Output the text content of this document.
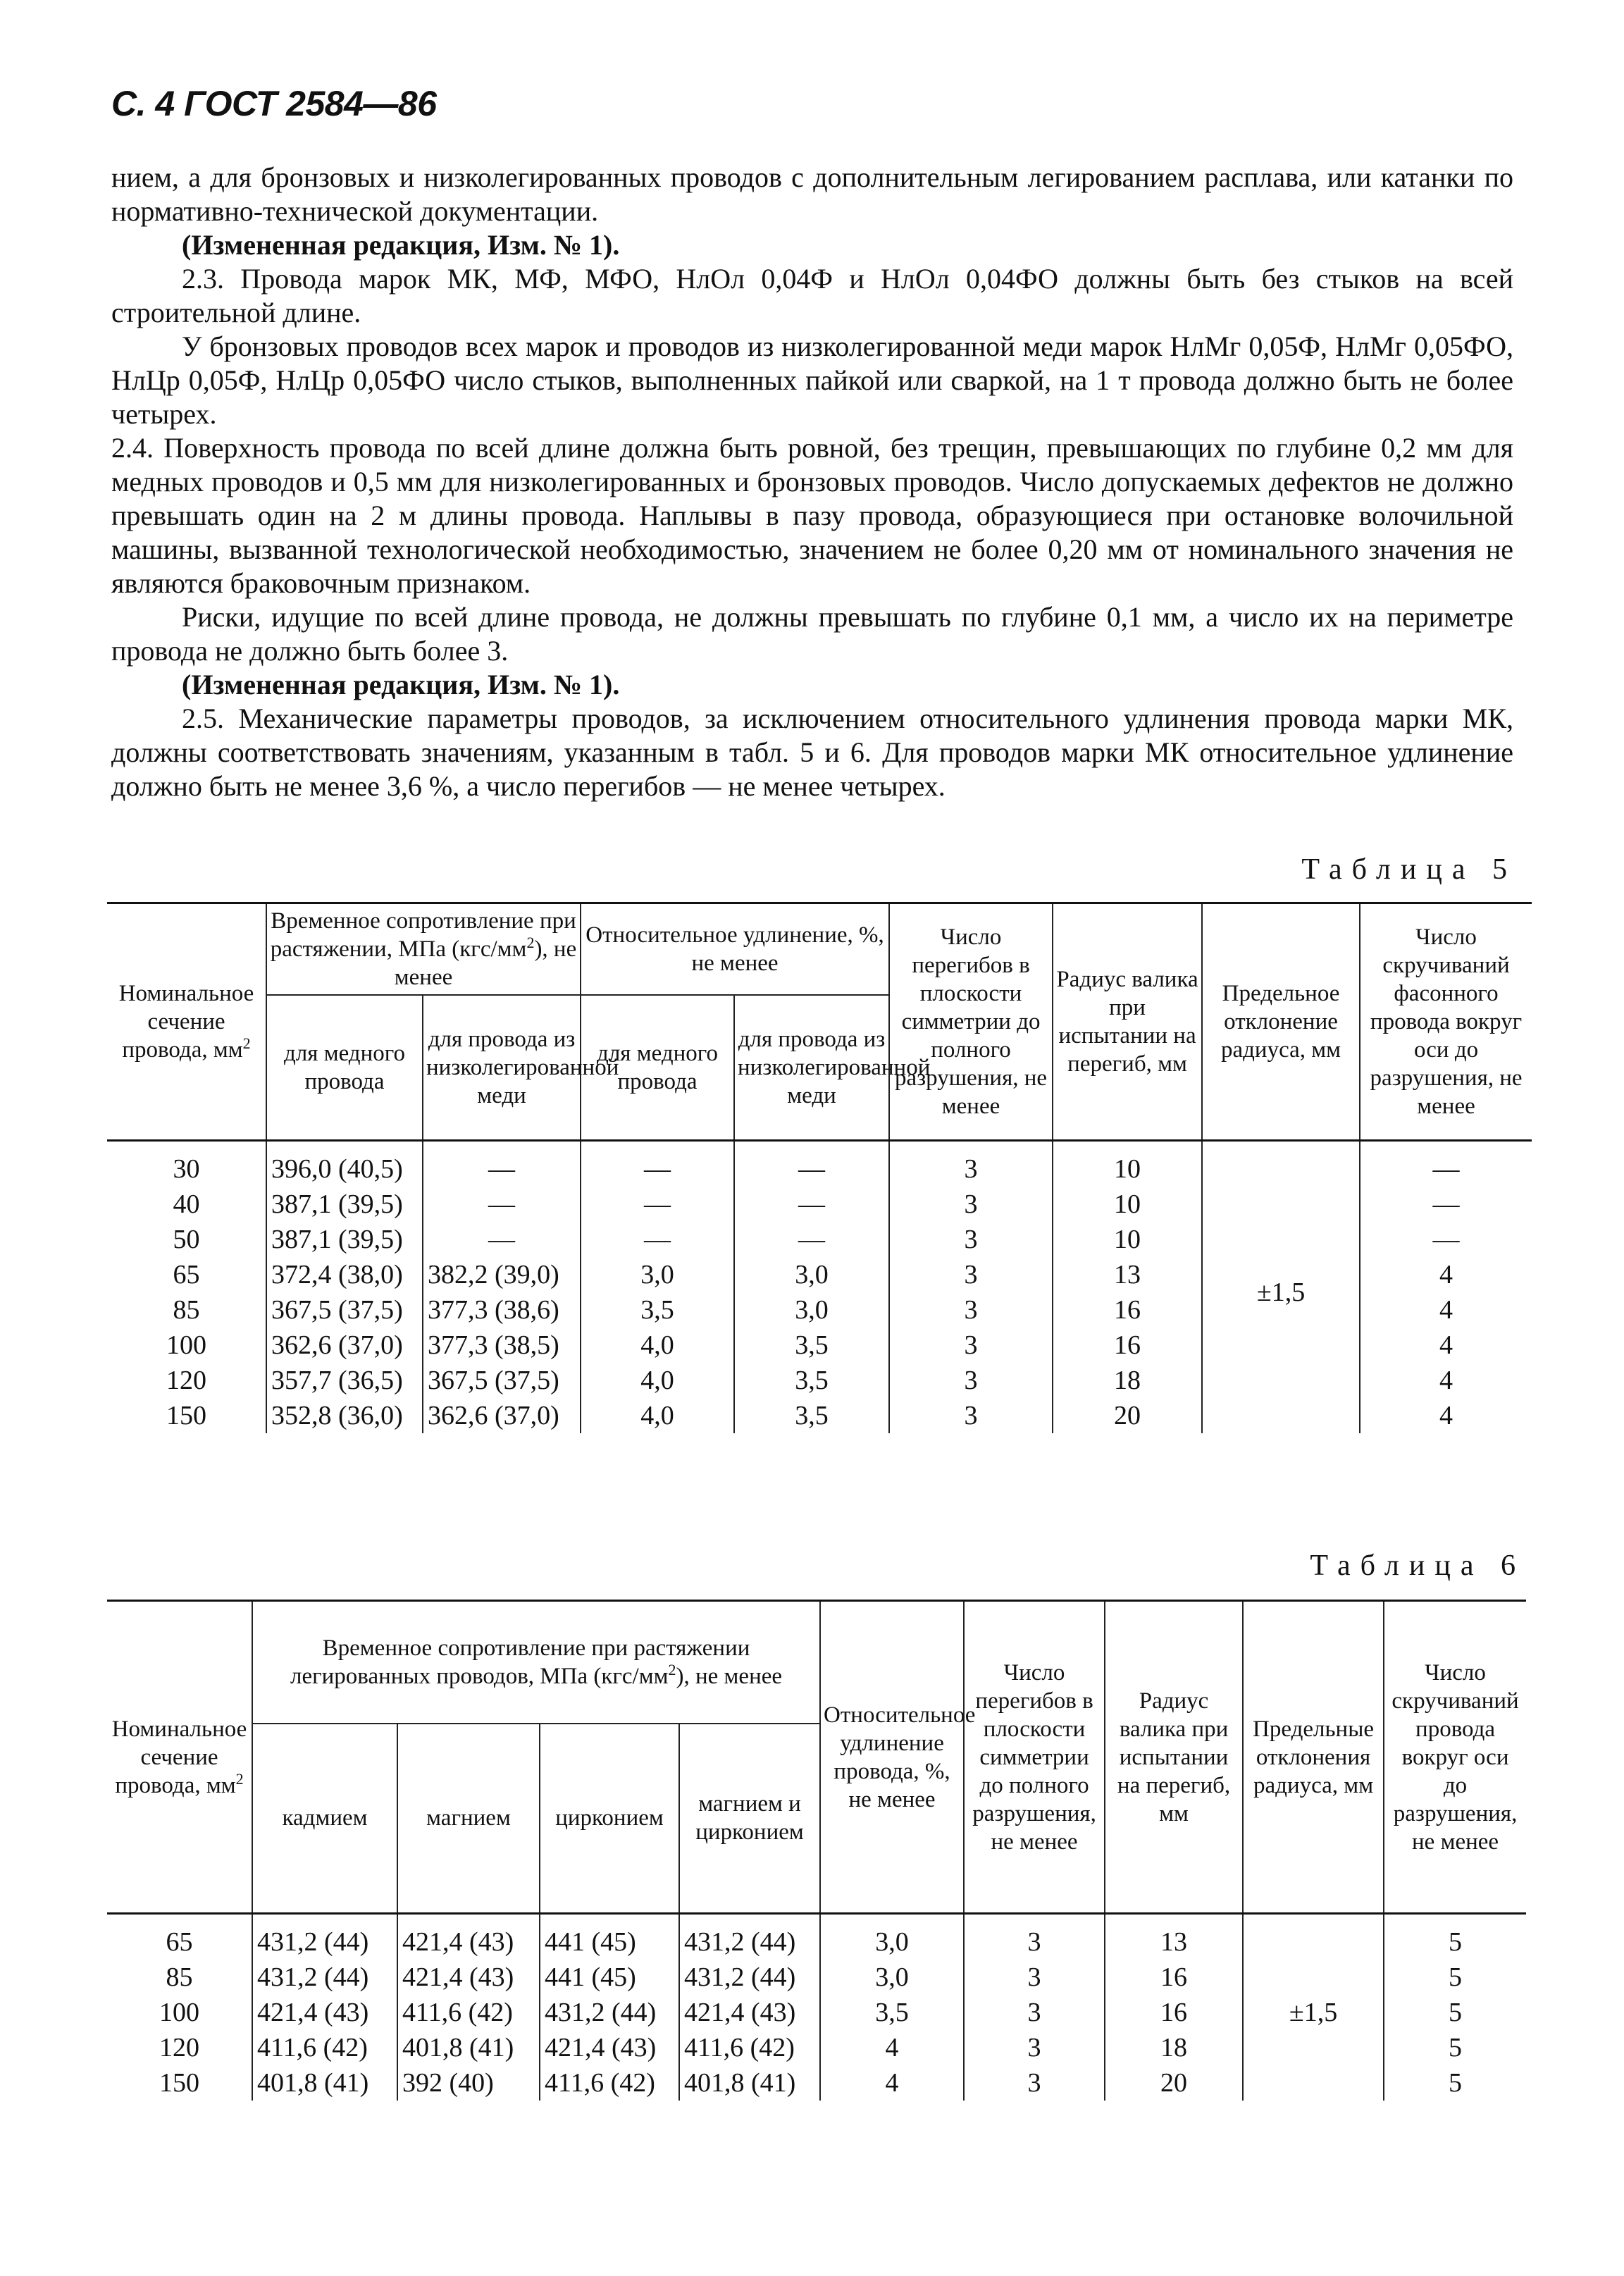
С. 4 ГОСТ 2584—86

нием, а для бронзовых и низколегированных проводов с дополнительным легированием расплава, или катанки по нормативно-технической документации.

(Измененная редакция, Изм. № 1).

2.3. Провода марок МК, МФ, МФО, НлОл 0,04Ф и НлОл 0,04ФО должны быть без стыков на всей строительной длине.

У бронзовых проводов всех марок и проводов из низколегированной меди марок НлМг 0,05Ф, НлМг 0,05ФО, НлЦр 0,05Ф, НлЦр 0,05ФО число стыков, выполненных пайкой или сваркой, на 1 т провода должно быть не более четырех.

2.4. Поверхность провода по всей длине должна быть ровной, без трещин, превышающих по глубине 0,2 мм для медных проводов и 0,5 мм для низколегированных и бронзовых проводов. Число допускаемых дефектов не должно превышать один на 2 м длины провода. Наплывы в пазу провода, образующиеся при остановке волочильной машины, вызванной технологической необходимостью, значением не более 0,20 мм от номинального значения не являются браковочным признаком.

Риски, идущие по всей длине провода, не должны превышать по глубине 0,1 мм, а число их на периметре провода не должно быть более 3.

(Измененная редакция, Изм. № 1).

2.5. Механические параметры проводов, за исключением относительного удлинения провода марки МК, должны соответствовать значениям, указанным в табл. 5 и 6. Для проводов марки МК относительное удлинение должно быть не менее 3,6 %, а число перегибов — не менее четырех.

Таблица 5
Номинальное сечение провода, $мм^2$	Временное сопротивление при растяжении, МПа $(кгс/мм^2)$, не менее		Относительное удлинение, %, не менее		Число перегибов в плоскости симметрии до полного разрушения, не менее	Радиус валика при испытании на перегиб, мм	Предельное отклонение радиуса, мм	Число скручиваний фасонного провода вокруг оси до разрушения, не менее
	для медного провода	для провода из низколегированной меди	для медного провода	для провода из низколегированной меди				
30	396,0 (40,5)	—	—	—	3	10	±1,5	—
40	387,1 (39,5)	—	—	—	3	10		—
50	387,1 (39,5)	—	—	—	3	10		—
65	372,4 (38,0)	382,2 (39,0)	3,0	3,0	3	13		4
85	367,5 (37,5)	377,3 (38,6)	3,5	3,0	3	16		4
100	362,6 (37,0)	377,3 (38,5)	4,0	3,5	3	16		4
120	357,7 (36,5)	367,5 (37,5)	4,0	3,5	3	18		4
150	352,8 (36,0)	362,6 (37,0)	4,0	3,5	3	20		4
Таблица 6
Номинальное сечение провода, $мм^2$	Временное сопротивление при растяжении легированных проводов, МПа $(кгс/мм^2)$, не менее				Относительное удлинение провода, %, не менее	Число перегибов в плоскости симметрии до полного разрушения, не менее	Радиус валика при испытании на перегиб, мм	Предельные отклонения радиуса, мм	Число скручиваний провода вокруг оси до разрушения, не менее
	кадмием	магнием	цирконием	магнием и цирконием					
65	431,2 (44)	421,4 (43)	441 (45)	431,2 (44)	3,0	3	13	±1,5	5
85	431,2 (44)	421,4 (43)	441 (45)	431,2 (44)	3,0	3	16		5
100	421,4 (43)	411,6 (42)	431,2 (44)	421,4 (43)	3,5	3	16		5
120	411,6 (42)	401,8 (41)	421,4 (43)	411,6 (42)	4	3	18		5
150	401,8 (41)	392 (40)	411,6 (42)	401,8 (41)	4	3	20		5
